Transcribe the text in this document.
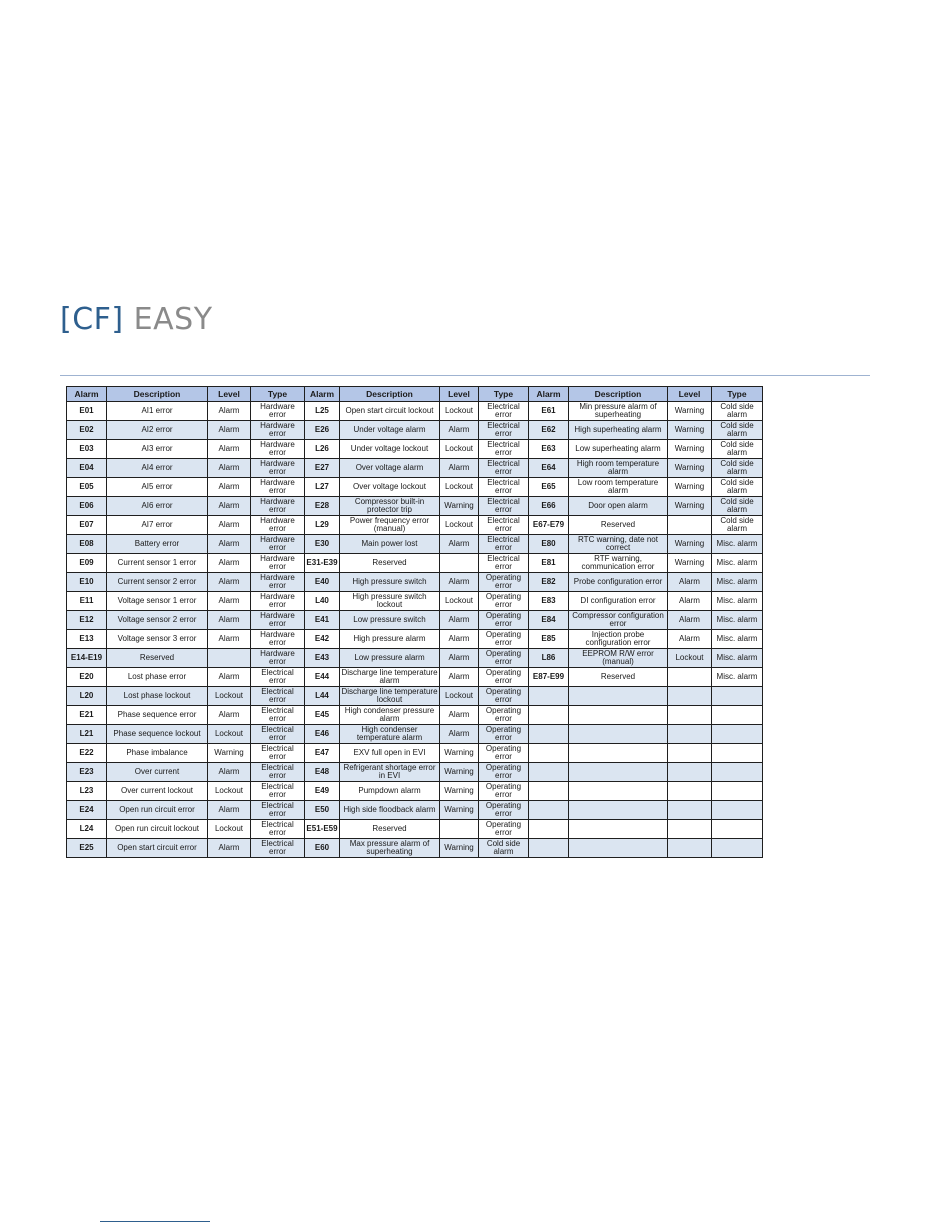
[CF] EASY
Alarm	Description	Level	Type	Alarm	Description	Level	Type	Alarm	Description	Level	Type
E01	AI1 error	Alarm	Hardware error	L25	Open start circuit lockout	Lockout	Electrical error	E61	Min pressure alarm of superheating	Warning	Cold side alarm
E02	AI2 error	Alarm	Hardware error	E26	Under voltage alarm	Alarm	Electrical error	E62	High superheating alarm	Warning	Cold side alarm
E03	AI3 error	Alarm	Hardware error	L26	Under voltage lockout	Lockout	Electrical error	E63	Low superheating alarm	Warning	Cold side alarm
E04	AI4 error	Alarm	Hardware error	E27	Over voltage alarm	Alarm	Electrical error	E64	High room temperature alarm	Warning	Cold side alarm
E05	AI5 error	Alarm	Hardware error	L27	Over voltage lockout	Lockout	Electrical error	E65	Low room temperature alarm	Warning	Cold side alarm
E06	AI6 error	Alarm	Hardware error	E28	Compressor built-in protector trip	Warning	Electrical error	E66	Door open alarm	Warning	Cold side alarm
E07	AI7 error	Alarm	Hardware error	L29	Power frequency error (manual)	Lockout	Electrical error	E67-E79	Reserved		Cold side alarm
E08	Battery error	Alarm	Hardware error	E30	Main power lost	Alarm	Electrical error	E80	RTC warning, date not correct	Warning	Misc. alarm
E09	Current sensor 1 error	Alarm	Hardware error	E31-E39	Reserved		Electrical error	E81	RTF warning, communication error	Warning	Misc. alarm
E10	Current sensor 2 error	Alarm	Hardware error	E40	High pressure switch	Alarm	Operating error	E82	Probe configuration error	Alarm	Misc. alarm
E11	Voltage sensor 1 error	Alarm	Hardware error	L40	High pressure switch lockout	Lockout	Operating error	E83	DI configuration error	Alarm	Misc. alarm
E12	Voltage sensor 2 error	Alarm	Hardware error	E41	Low pressure switch	Alarm	Operating error	E84	Compressor configuration error	Alarm	Misc. alarm
E13	Voltage sensor 3 error	Alarm	Hardware error	E42	High pressure alarm	Alarm	Operating error	E85	Injection probe configuration error	Alarm	Misc. alarm
E14-E19	Reserved		Hardware error	E43	Low pressure alarm	Alarm	Operating error	L86	EEPROM R/W error (manual)	Lockout	Misc. alarm
E20	Lost phase error	Alarm	Electrical error	E44	Discharge line temperature alarm	Alarm	Operating error	E87-E99	Reserved		Misc. alarm
L20	Lost phase lockout	Lockout	Electrical error	L44	Discharge line temperature lockout	Lockout	Operating error				
E21	Phase sequence error	Alarm	Electrical error	E45	High condenser pressure alarm	Alarm	Operating error				
L21	Phase sequence lockout	Lockout	Electrical error	E46	High condenser temperature alarm	Alarm	Operating error				
E22	Phase imbalance	Warning	Electrical error	E47	EXV full open in EVI	Warning	Operating error				
E23	Over current	Alarm	Electrical error	E48	Refrigerant shortage error in EVI	Warning	Operating error				
L23	Over current lockout	Lockout	Electrical error	E49	Pumpdown alarm	Warning	Operating error				
E24	Open run circuit error	Alarm	Electrical error	E50	High side floodback alarm	Warning	Operating error				
L24	Open run circuit lockout	Lockout	Electrical error	E51-E59	Reserved		Operating error				
E25	Open start circuit error	Alarm	Electrical error	E60	Max pressure alarm of superheating	Warning	Cold side alarm				
